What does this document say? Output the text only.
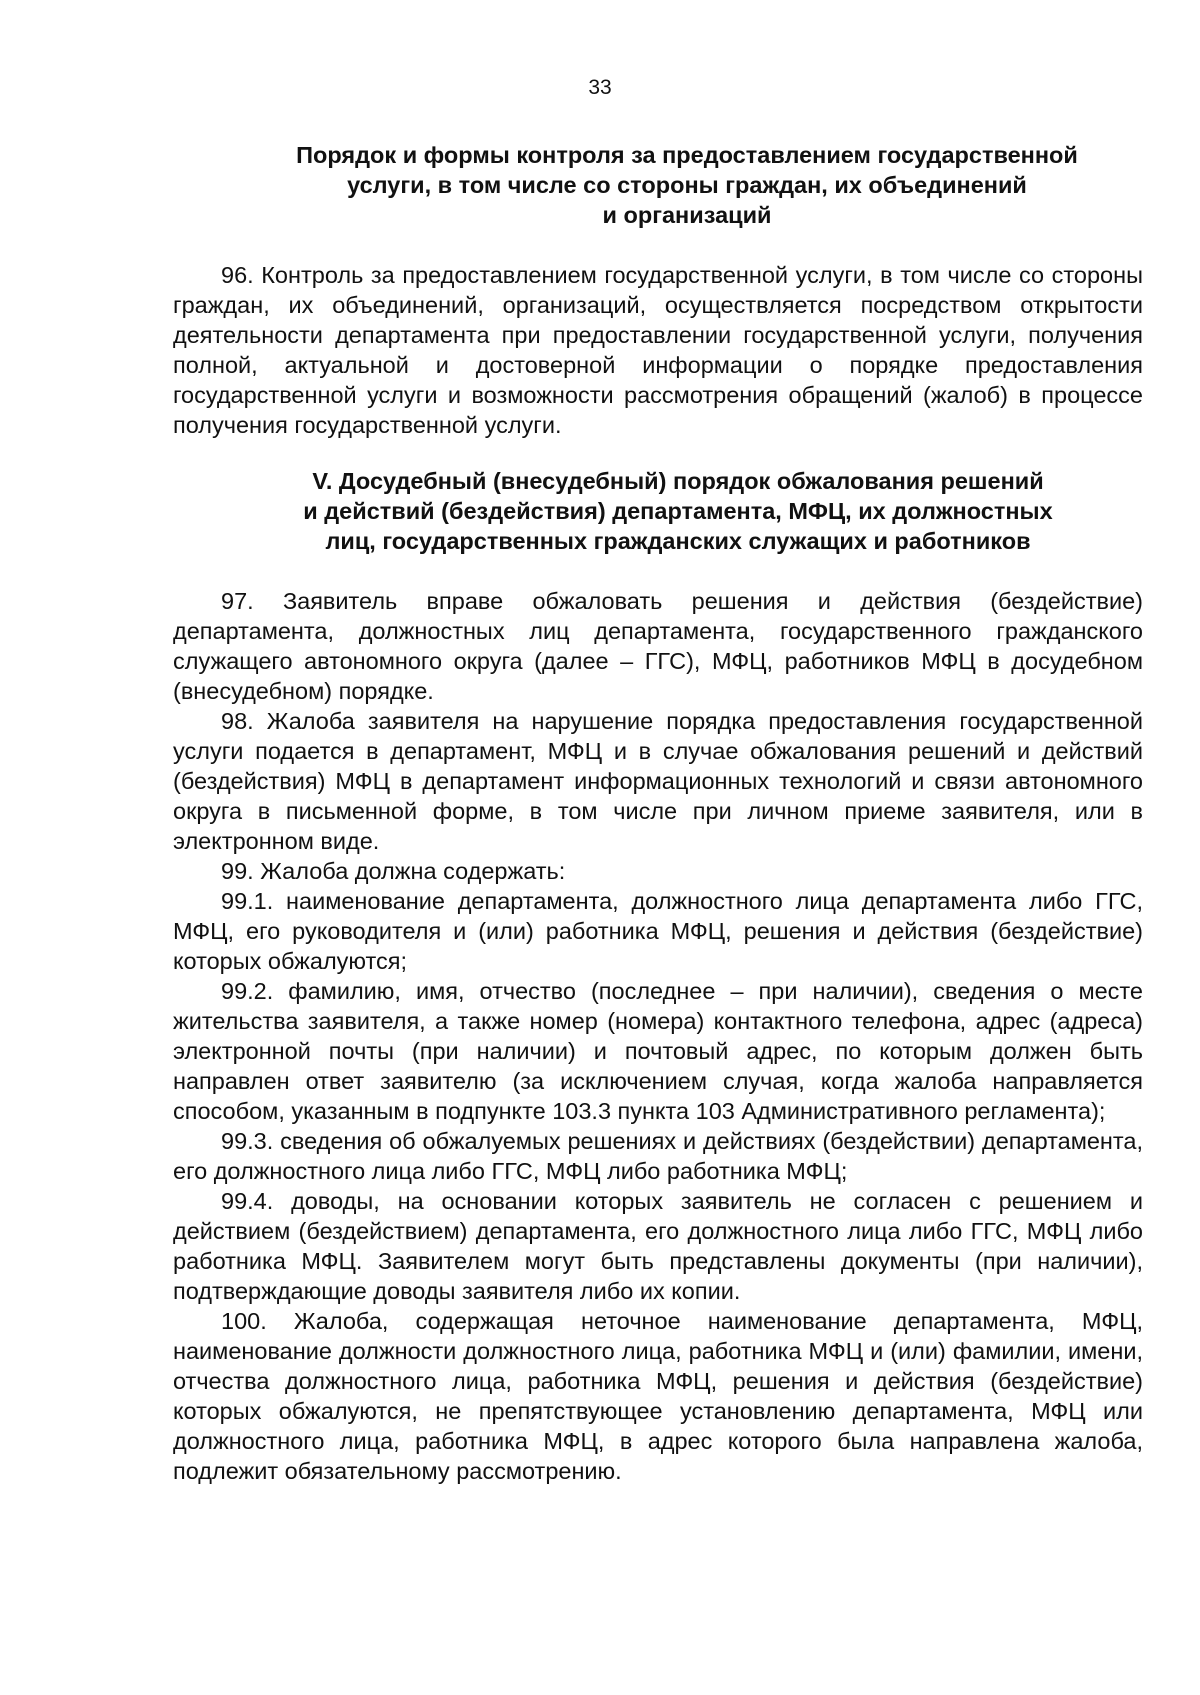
33
Порядок и формы контроля за предоставлением государственной
услуги, в том числе со стороны граждан, их объединений
и организаций

96. Контроль за предоставлением государственной услуги, в том числе со стороны граждан, их объединений, организаций, осуществляется посредством открытости деятельности департамента при предоставлении государственной услуги, получения полной, актуальной и достоверной информации о порядке предоставления государственной услуги и возможности рассмотрения обращений (жалоб) в процессе получения государственной услуги.

V. Досудебный (внесудебный) порядок обжалования решений
и действий (бездействия) департамента, МФЦ, их должностных
лиц, государственных гражданских служащих и работников

97. Заявитель вправе обжаловать решения и действия (бездействие) департамента, должностных лиц департамента, государственного гражданского служащего автономного округа (далее – ГГС), МФЦ, работников МФЦ в досудебном (внесудебном) порядке.

98. Жалоба заявителя на нарушение порядка предоставления государственной услуги подается в департамент, МФЦ и в случае обжалования решений и действий (бездействия) МФЦ в департамент информационных технологий и связи автономного округа в письменной форме, в том числе при личном приеме заявителя, или в электронном виде.

99. Жалоба должна содержать:

99.1. наименование департамента, должностного лица департамента либо ГГС, МФЦ, его руководителя и (или) работника МФЦ, решения и действия (бездействие) которых обжалуются;

99.2. фамилию, имя, отчество (последнее – при наличии), сведения о месте жительства заявителя, а также номер (номера) контактного телефона, адрес (адреса) электронной почты (при наличии) и почтовый адрес, по которым должен быть направлен ответ заявителю (за исключением случая, когда жалоба направляется способом, указанным в подпункте 103.3 пункта 103 Административного регламента);

99.3. сведения об обжалуемых решениях и действиях (бездействии) департамента, его должностного лица либо ГГС, МФЦ либо работника МФЦ;

99.4. доводы, на основании которых заявитель не согласен с решением и действием (бездействием) департамента, его должностного лица либо ГГС, МФЦ либо работника МФЦ. Заявителем могут быть представлены документы (при наличии), подтверждающие доводы заявителя либо их копии.

100. Жалоба, содержащая неточное наименование департамента, МФЦ, наименование должности должностного лица, работника МФЦ и (или) фамилии, имени, отчества должностного лица, работника МФЦ, решения и действия (бездействие) которых обжалуются, не препятствующее установлению департамента, МФЦ или должностного лица, работника МФЦ, в адрес которого была направлена жалоба, подлежит обязательному рассмотрению.
